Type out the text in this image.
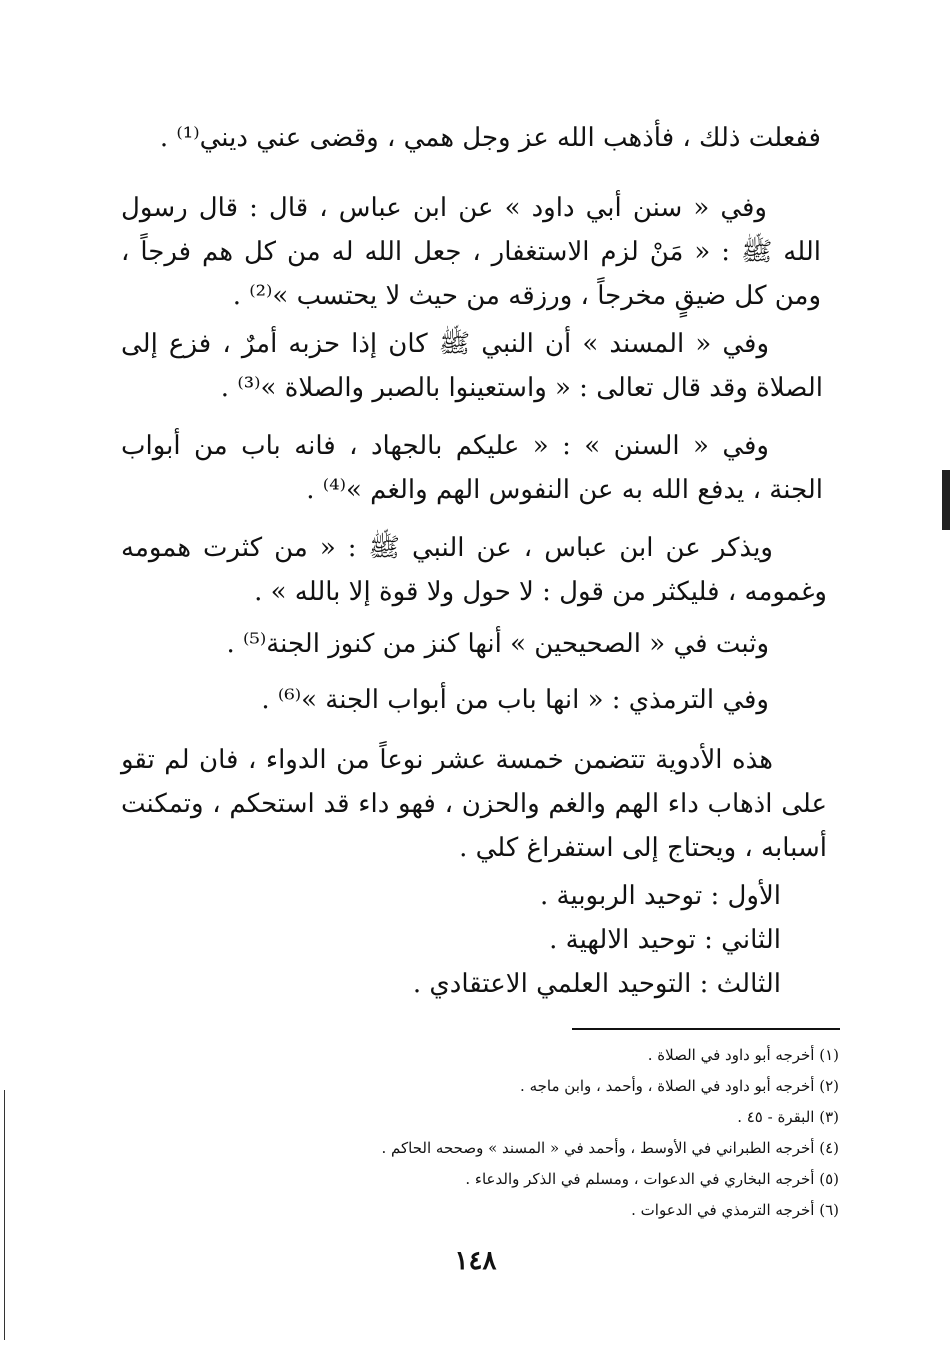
ففعلت ذلك ، فأذهب الله عز وجل همي ، وقضى عني ديني⁽¹⁾ .

وفي « سنن أبي داود » عن ابن عباس ، قال : قال رسول الله ﷺ : « مَنْ لزم الاستغفار ، جعل الله له من كل هم فرجاً ، ومن كل ضيقٍ مخرجاً ، ورزقه من حيث لا يحتسب »⁽²⁾ .

وفي « المسند » أن النبي ﷺ كان إذا حزبه أمرٌ ، فزع إلى الصلاة وقد قال تعالى : « واستعينوا بالصبر والصلاة »⁽³⁾ .

وفي « السنن » : « عليكم بالجهاد ، فانه باب من أبواب الجنة ، يدفع الله به عن النفوس الهم والغم »⁽⁴⁾ .

ويذكر عن ابن عباس ، عن النبي ﷺ : « من كثرت همومه وغمومه ، فليكثر من قول : لا حول ولا قوة إلا بالله » .

وثبت في « الصحيحين » أنها كنز من كنوز الجنة⁽⁵⁾ .

وفي الترمذي : « انها باب من أبواب الجنة »⁽⁶⁾ .

هذه الأدوية تتضمن خمسة عشر نوعاً من الدواء ، فان لم تقو على اذهاب داء الهم والغم والحزن ، فهو داء قد استحكم ، وتمكنت أسبابه ، ويحتاج إلى استفراغ كلي .

الأول : توحيد الربوبية .

الثاني : توحيد الالهية .

الثالث : التوحيد العلمي الاعتقادي .

(١) أخرجه أبو داود في الصلاة .
(٢) أخرجه أبو داود في الصلاة ، وأحمد ، وابن ماجه .
(٣) البقرة - ٤٥ .
(٤) أخرجه الطبراني في الأوسط ، وأحمد في « المسند » وصححه الحاكم .
(٥) أخرجه البخاري في الدعوات ، ومسلم في الذكر والدعاء .
(٦) أخرجه الترمذي في الدعوات .
١٤٨
